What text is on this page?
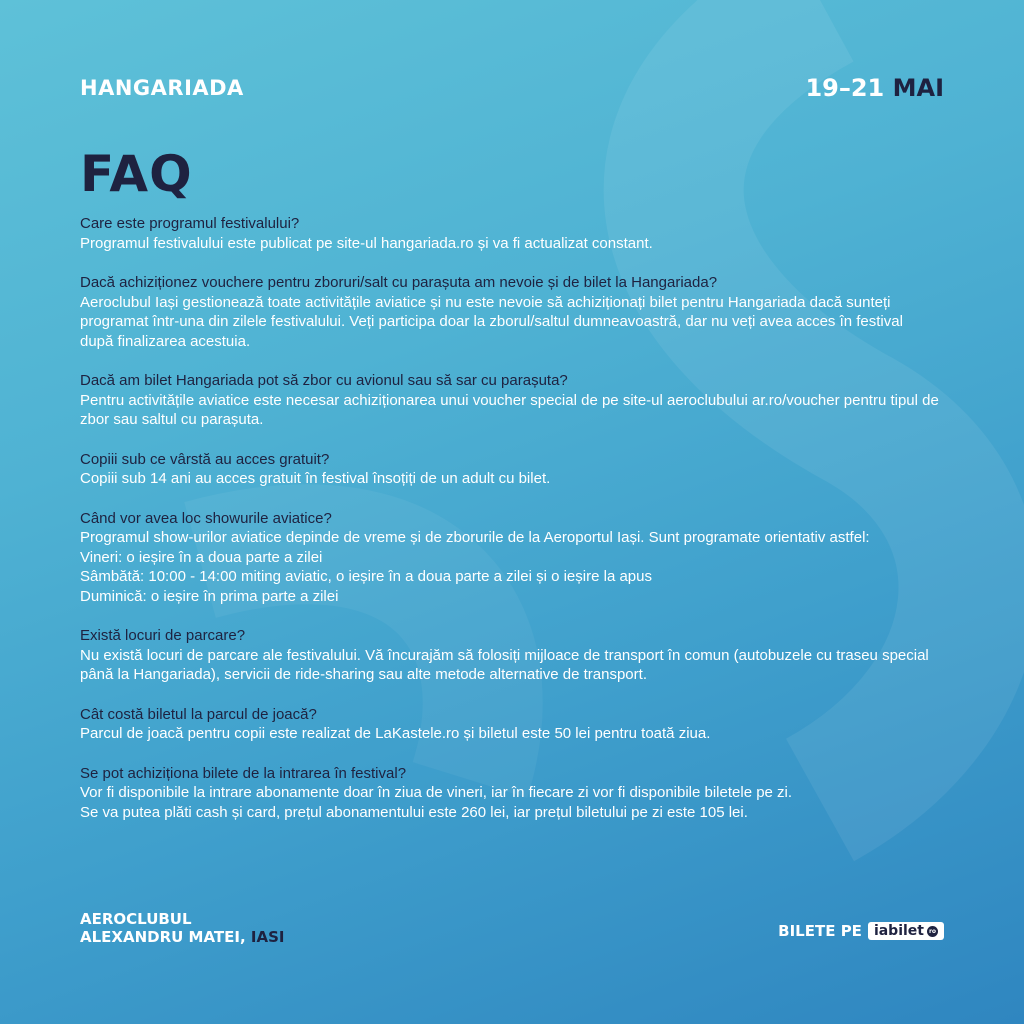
HANGARIADA	19–21 MAI
FAQ
Care este programul festivalului?
Programul festivalului este publicat pe site-ul hangariada.ro și va fi actualizat constant.
Dacă achiziționez vouchere pentru zboruri/salt cu parașuta am nevoie și de bilet la Hangariada?
Aeroclubul Iași gestionează toate activitățile aviatice și nu este nevoie să achiziționați bilet pentru Hangariada dacă sunteți programat într-una din zilele festivalului. Veți participa doar la zborul/saltul dumneavoastră, dar nu veți avea acces în festival după finalizarea acestuia.
Dacă am bilet Hangariada pot să zbor cu avionul sau să sar cu parașuta?
Pentru activitățile aviatice este necesar achiziționarea unui voucher special de pe site-ul aeroclubului ar.ro/voucher pentru tipul de zbor sau saltul cu parașuta.
Copiii sub ce vârstă au acces gratuit?
Copiii sub 14 ani au acces gratuit în festival însoțiți de un adult cu bilet.
Când vor avea loc showurile aviatice?
Programul show-urilor aviatice depinde de vreme și de zborurile de la Aeroportul Iași. Sunt programate orientativ astfel:
Vineri: o ieșire în a doua parte a zilei
Sâmbătă: 10:00 - 14:00 miting aviatic, o ieșire în a doua parte a zilei și o ieșire la apus
Duminică: o ieșire în prima parte a zilei
Există locuri de parcare?
Nu există locuri de parcare ale festivalului. Vă încurajăm să folosiți mijloace de transport în comun (autobuzele cu traseu special până la Hangariada), servicii de ride-sharing sau alte metode alternative de transport.
Cât costă biletul la parcul de joacă?
Parcul de joacă pentru copii este realizat de LaKastele.ro și biletul este 50 lei pentru toată ziua.
Se pot achiziționa bilete de la intrarea în festival?
Vor fi disponibile la intrare abonamente doar în ziua de vineri, iar în fiecare zi vor fi disponibile biletele pe zi.
Se va putea plăti cash și card, prețul abonamentului este 260 lei, iar prețul biletului pe zi este 105 lei.
AEROCLUBUL
ALEXANDRU MATEI, IASI	BILETE PE iabilet ro
